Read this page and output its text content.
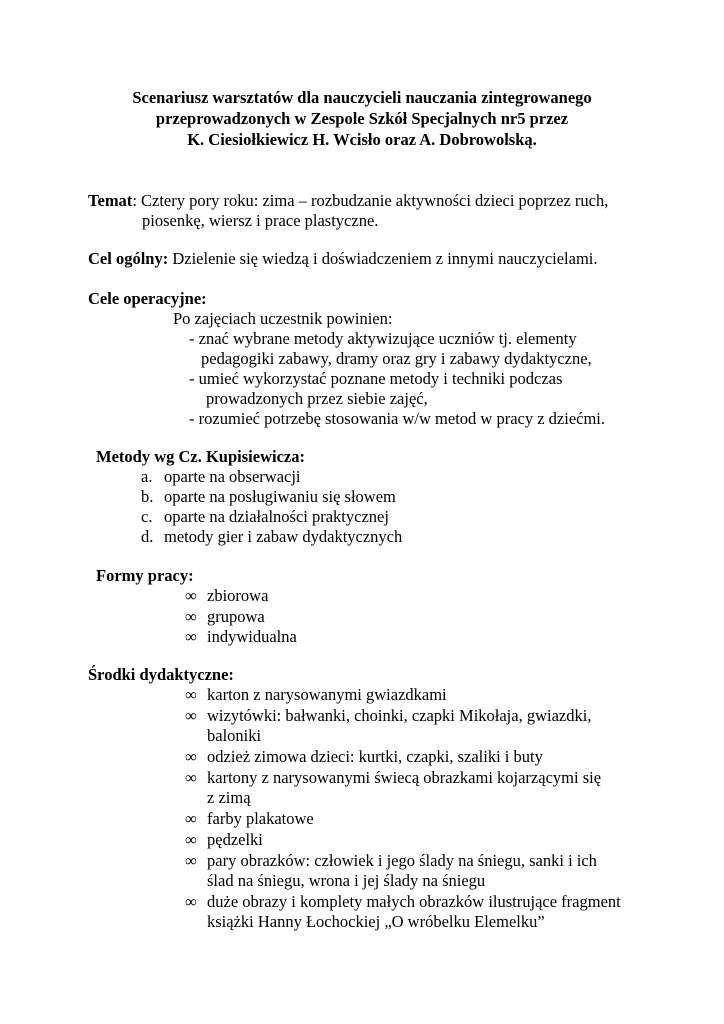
Scenariusz warsztatów dla nauczycieli nauczania zintegrowanego
przeprowadzonych w Zespole Szkół Specjalnych nr5 przez
K. Ciesiołkiewicz H. Wcisło oraz A. Dobrowolską.
Temat: Cztery pory roku: zima – rozbudzanie aktywności dzieci poprzez ruch,
piosenkę, wiersz i prace plastyczne.
Cel ogólny: Dzielenie się wiedzą i doświadczeniem z innymi nauczycielami.
Cele operacyjne:
Po zajęciach uczestnik powinien:
- znać wybrane metody aktywizujące uczniów tj. elementy
pedagogiki zabawy, dramy oraz gry i zabawy dydaktyczne,
- umieć wykorzystać poznane metody i techniki podczas
prowadzonych przez siebie zajęć,
- rozumieć potrzebę stosowania w/w metod w pracy z dziećmi.
Metody wg Cz. Kupisiewicza:
a. oparte na obserwacji
b. oparte na posługiwaniu się słowem
c. oparte na działalności praktycznej
d. metody gier i zabaw dydaktycznych
Formy pracy:
∞ zbiorowa
∞ grupowa
∞ indywidualna
Środki dydaktyczne:
∞ karton z narysowanymi gwiazdkami
∞ wizytówki: bałwanki, choinki, czapki Mikołaja, gwiazdki,
baloniki
∞ odzież zimowa dzieci: kurtki, czapki, szaliki i buty
∞ kartony z narysowanymi świecą obrazkami kojarzącymi się
z zimą
∞ farby plakatowe
∞ pędzelki
∞ pary obrazków: człowiek i jego ślady na śniegu, sanki i ich
ślad na śniegu, wrona i jej ślady na śniegu
∞ duże obrazy i komplety małych obrazków ilustrujące fragment
książki Hanny Łochockiej „O wróbelku Elemelku”
